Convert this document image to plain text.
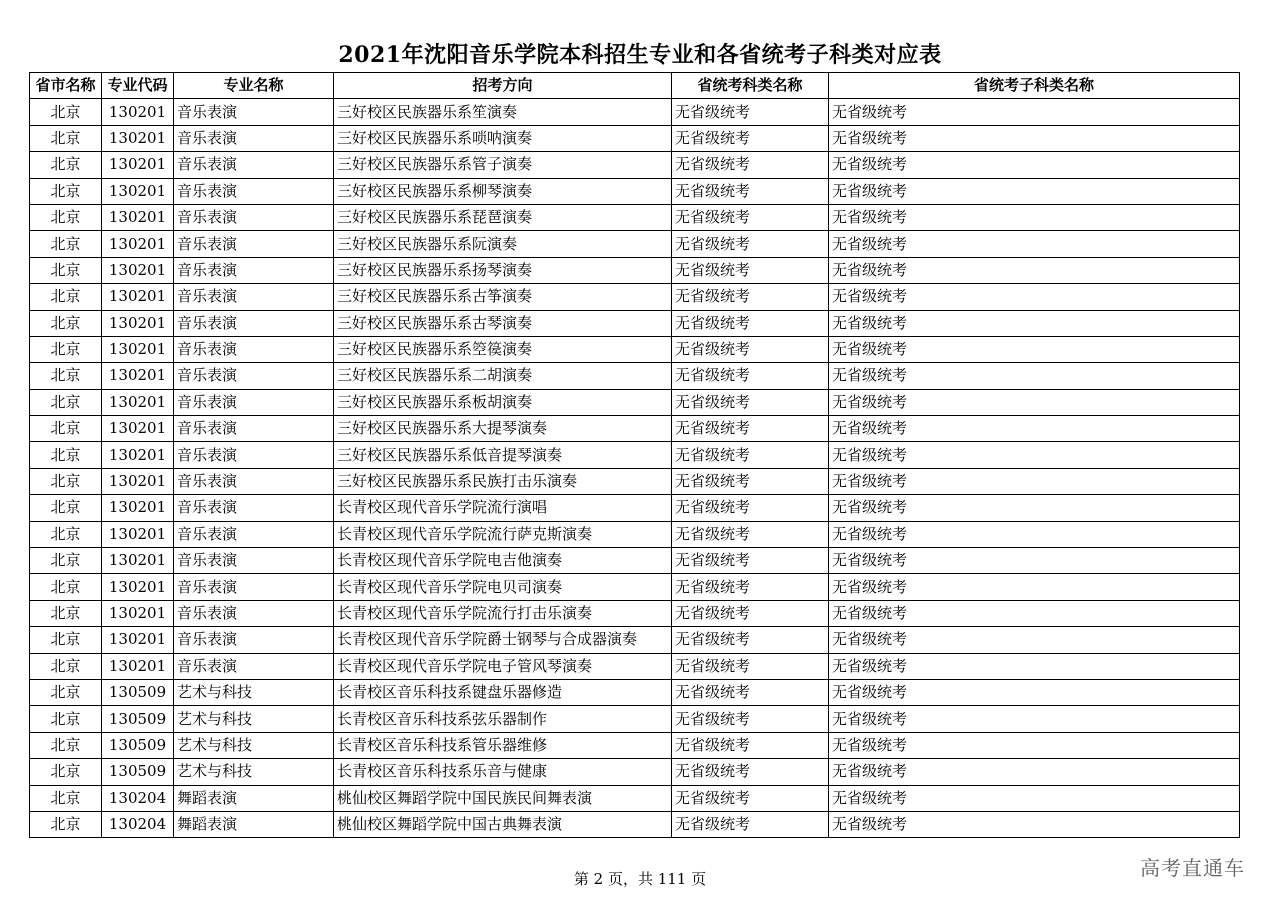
2021年沈阳音乐学院本科招生专业和各省统考子科类对应表
省市名称	专业代码	专业名称	招考方向	省统考科类名称	省统考子科类名称
北京	130201	音乐表演	三好校区民族器乐系笙演奏	无省级统考	无省级统考
北京	130201	音乐表演	三好校区民族器乐系唢呐演奏	无省级统考	无省级统考
北京	130201	音乐表演	三好校区民族器乐系管子演奏	无省级统考	无省级统考
北京	130201	音乐表演	三好校区民族器乐系柳琴演奏	无省级统考	无省级统考
北京	130201	音乐表演	三好校区民族器乐系琵琶演奏	无省级统考	无省级统考
北京	130201	音乐表演	三好校区民族器乐系阮演奏	无省级统考	无省级统考
北京	130201	音乐表演	三好校区民族器乐系扬琴演奏	无省级统考	无省级统考
北京	130201	音乐表演	三好校区民族器乐系古筝演奏	无省级统考	无省级统考
北京	130201	音乐表演	三好校区民族器乐系古琴演奏	无省级统考	无省级统考
北京	130201	音乐表演	三好校区民族器乐系箜篌演奏	无省级统考	无省级统考
北京	130201	音乐表演	三好校区民族器乐系二胡演奏	无省级统考	无省级统考
北京	130201	音乐表演	三好校区民族器乐系板胡演奏	无省级统考	无省级统考
北京	130201	音乐表演	三好校区民族器乐系大提琴演奏	无省级统考	无省级统考
北京	130201	音乐表演	三好校区民族器乐系低音提琴演奏	无省级统考	无省级统考
北京	130201	音乐表演	三好校区民族器乐系民族打击乐演奏	无省级统考	无省级统考
北京	130201	音乐表演	长青校区现代音乐学院流行演唱	无省级统考	无省级统考
北京	130201	音乐表演	长青校区现代音乐学院流行萨克斯演奏	无省级统考	无省级统考
北京	130201	音乐表演	长青校区现代音乐学院电吉他演奏	无省级统考	无省级统考
北京	130201	音乐表演	长青校区现代音乐学院电贝司演奏	无省级统考	无省级统考
北京	130201	音乐表演	长青校区现代音乐学院流行打击乐演奏	无省级统考	无省级统考
北京	130201	音乐表演	长青校区现代音乐学院爵士钢琴与合成器演奏	无省级统考	无省级统考
北京	130201	音乐表演	长青校区现代音乐学院电子管风琴演奏	无省级统考	无省级统考
北京	130509	艺术与科技	长青校区音乐科技系键盘乐器修造	无省级统考	无省级统考
北京	130509	艺术与科技	长青校区音乐科技系弦乐器制作	无省级统考	无省级统考
北京	130509	艺术与科技	长青校区音乐科技系管乐器维修	无省级统考	无省级统考
北京	130509	艺术与科技	长青校区音乐科技系乐音与健康	无省级统考	无省级统考
北京	130204	舞蹈表演	桃仙校区舞蹈学院中国民族民间舞表演	无省级统考	无省级统考
北京	130204	舞蹈表演	桃仙校区舞蹈学院中国古典舞表演	无省级统考	无省级统考
第 2 页，共 111 页	高考直通车
